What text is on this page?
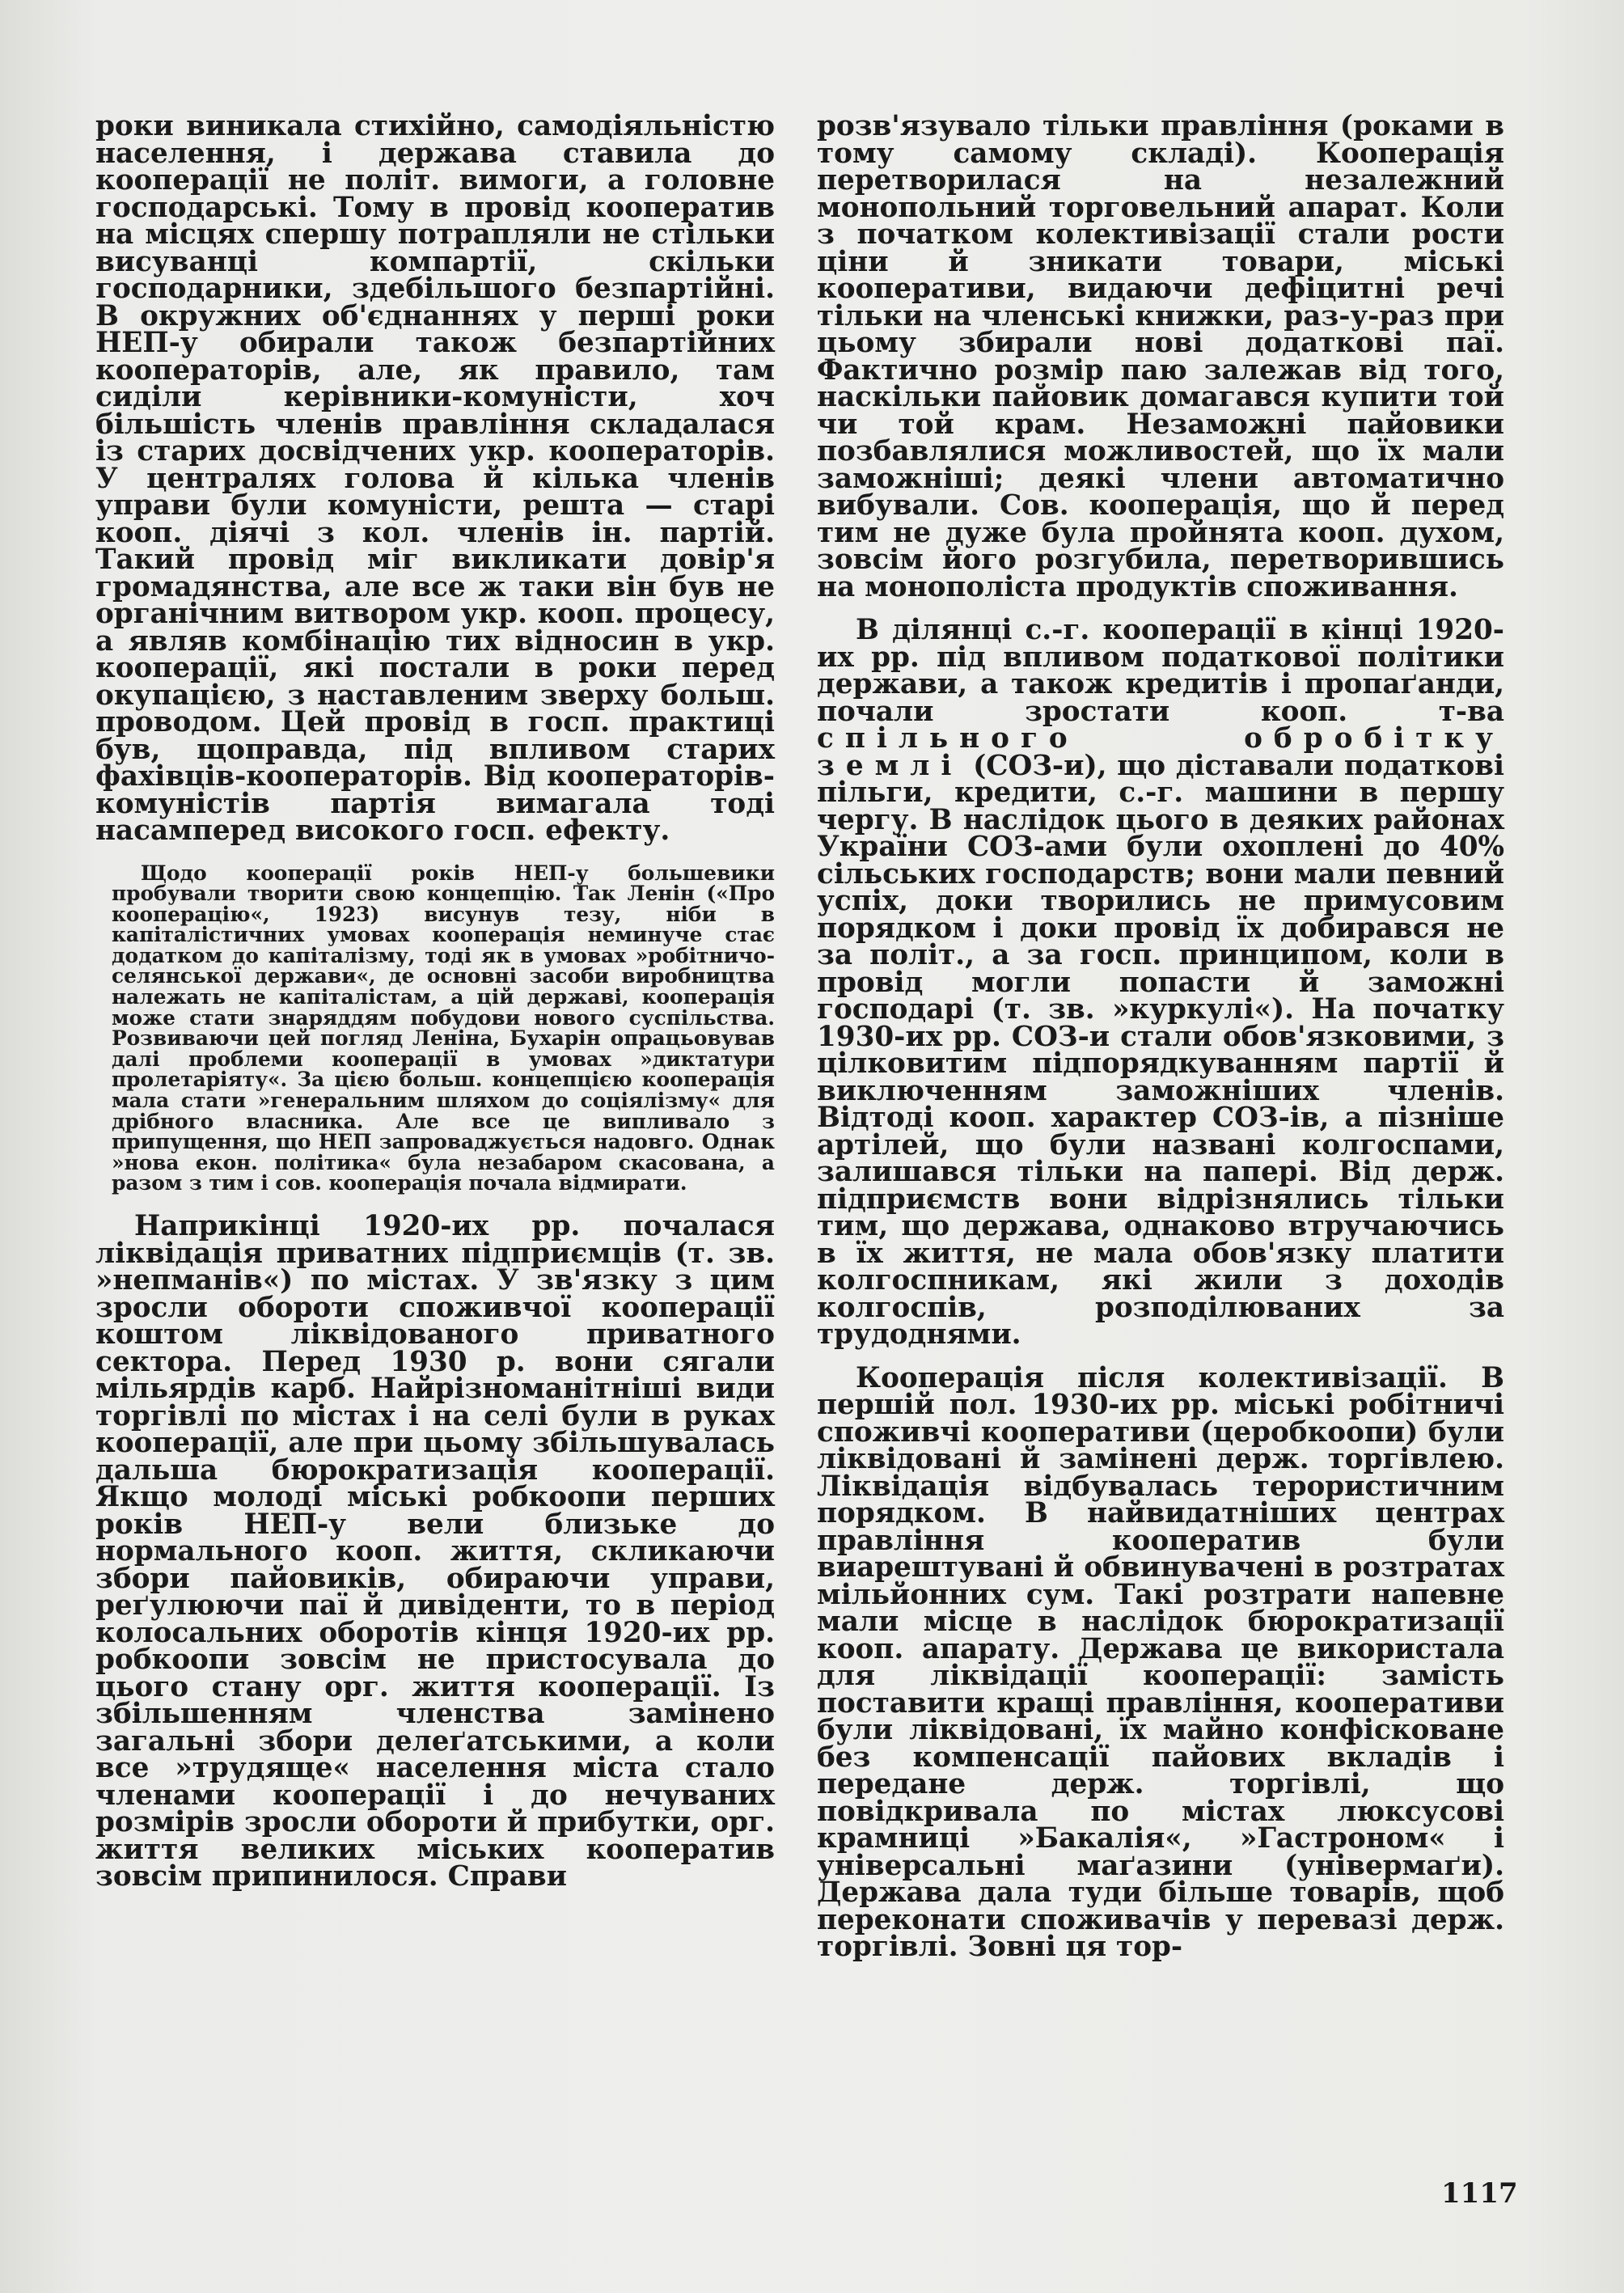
роки виникала стихійно, самодіяльністю населення, і держава ставила до кооперації не політ. вимоги, а головне господарські. Тому в провід кооператив на місцях спершу потрапляли не стільки висуванці компартії, скільки господарники, здебільшого безпартійні. В окружних об'єднаннях у перші роки НЕП-у обирали також безпартійних кооператорів, але, як правило, там сиділи керівники-комуністи, хоч більшість членів правління складалася із старих досвідчених укр. кооператорів. У централях голова й кілька членів управи були комуністи, решта — старі кооп. діячі з кол. членів ін. партій. Такий провід міг викликати довір'я громадянства, але все ж таки він був не органічним витвором укр. кооп. процесу, а являв комбінацію тих відносин в укр. кооперації, які постали в роки перед окупацією, з наставленим зверху больш. проводом. Цей провід в госп. практиці був, щоправда, під впливом старих фахівців-кооператорів. Від кооператорів-комуністів партія вимагала тоді насамперед високого госп. ефекту.

Щодо кооперації років НЕП-у большевики пробували творити свою концепцію. Так Ленін («Про кооперацію«, 1923) висунув тезу, ніби в капіталістичних умовах кооперація неминуче стає додатком до капіталізму, тоді як в умовах »робітничо-селянської держави«, де основні засоби виробництва належать не капіталістам, а цій державі, кооперація може стати знаряддям побудови нового суспільства. Розвиваючи цей погляд Леніна, Бухарін опрацьовував далі проблеми кооперації в умовах »диктатури пролетаріяту«. За цією больш. концепцією кооперація мала стати »генеральним шляхом до соціялізму« для дрібного власника. Але все це випливало з припущення, що НЕП запроваджується надовго. Однак »нова екон. політика« була незабаром скасована, а разом з тим і сов. кооперація почала відмирати.

Наприкінці 1920-их рр. почалася ліквідація приватних підприємців (т. зв. »непманів«) по містах. У зв'язку з цим зросли обороти споживчої кооперації коштом ліквідованого приватного сектора. Перед 1930 р. вони сягали мільярдів карб. Найрізноманітніші види торгівлі по містах і на селі були в руках кооперації, але при цьому збільшувалась дальша бюрократизація кооперації. Якщо молоді міські робкоопи перших років НЕП-у вели близьке до нормального кооп. життя, скликаючи збори пайовиків, обираючи управи, реґулюючи паї й дивіденти, то в період колосальних оборотів кінця 1920-их рр. робкоопи зовсім не пристосувала до цього стану орг. життя кооперації. Із збільшенням членства замінено загальні збори делеґатськими, а коли все »трудяще« населення міста стало членами кооперації і до нечуваних розмірів зросли обороти й прибутки, орг. життя великих міських кооператив зовсім припинилося. Справи

розв'язувало тільки правління (роками в тому самому складі). Кооперація перетворилася на незалежний монопольний торговельний апарат. Коли з початком колективізації стали рости ціни й зникати товари, міські кооперативи, видаючи дефіцитні речі тільки на членські книжки, раз-у-раз при цьому збирали нові додаткові паї. Фактично розмір паю залежав від того, наскільки пайовик домагався купити той чи той крам. Незаможні пайовики позбавлялися можливостей, що їх мали заможніші; деякі члени автоматично вибували. Сов. кооперація, що й перед тим не дуже була пройнята кооп. духом, зовсім його розгубила, перетворившись на монополіста продуктів споживання.

В ділянці с.-г. кооперації в кінці 1920-их рр. під впливом податкової політики держави, а також кредитів і пропаґанди, почали зростати кооп. т-ва спільного обробітку землі (СОЗ-и), що діставали податкові пільги, кредити, с.-г. машини в першу чергу. В наслідок цього в деяких районах України СОЗ-ами були охоплені до 40% сільських господарств; вони мали певний успіх, доки творились не примусовим порядком і доки провід їх добирався не за політ., а за госп. принципом, коли в провід могли попасти й заможні господарі (т. зв. »куркулі«). На початку 1930-их рр. СОЗ-и стали обов'язковими, з цілковитим підпорядкуванням партії й виключенням заможніших членів. Відтоді кооп. характер СОЗ-ів, а пізніше артілей, що були названі колгоспами, залишався тільки на папері. Від держ. підприємств вони відрізнялись тільки тим, що держава, однаково втручаючись в їх життя, не мала обов'язку платити колгоспникам, які жили з доходів колгоспів, розподілюваних за трудоднями.

Кооперація після колективізації. В першій пол. 1930-их рр. міські робітничі споживчі кооперативи (церобкоопи) були ліквідовані й замінені держ. торгівлею. Ліквідація відбувалась терористичним порядком. В найвидатніших центрах правління кооператив були виарештувані й обвинувачені в розтратах мільйонних сум. Такі розтрати напевне мали місце в наслідок бюрократизації кооп. апарату. Держава це використала для ліквідації кооперації: замість поставити кращі правління, кооперативи були ліквідовані, їх майно конфісковане без компенсації пайових вкладів і передане держ. торгівлі, що повідкривала по містах люксусові крамниці »Бакалія«, »Гастроном« і універсальні маґазини (універмаґи). Держава дала туди більше товарів, щоб переконати споживачів у перевазі держ. торгівлі. Зовні ця тор-

1117
